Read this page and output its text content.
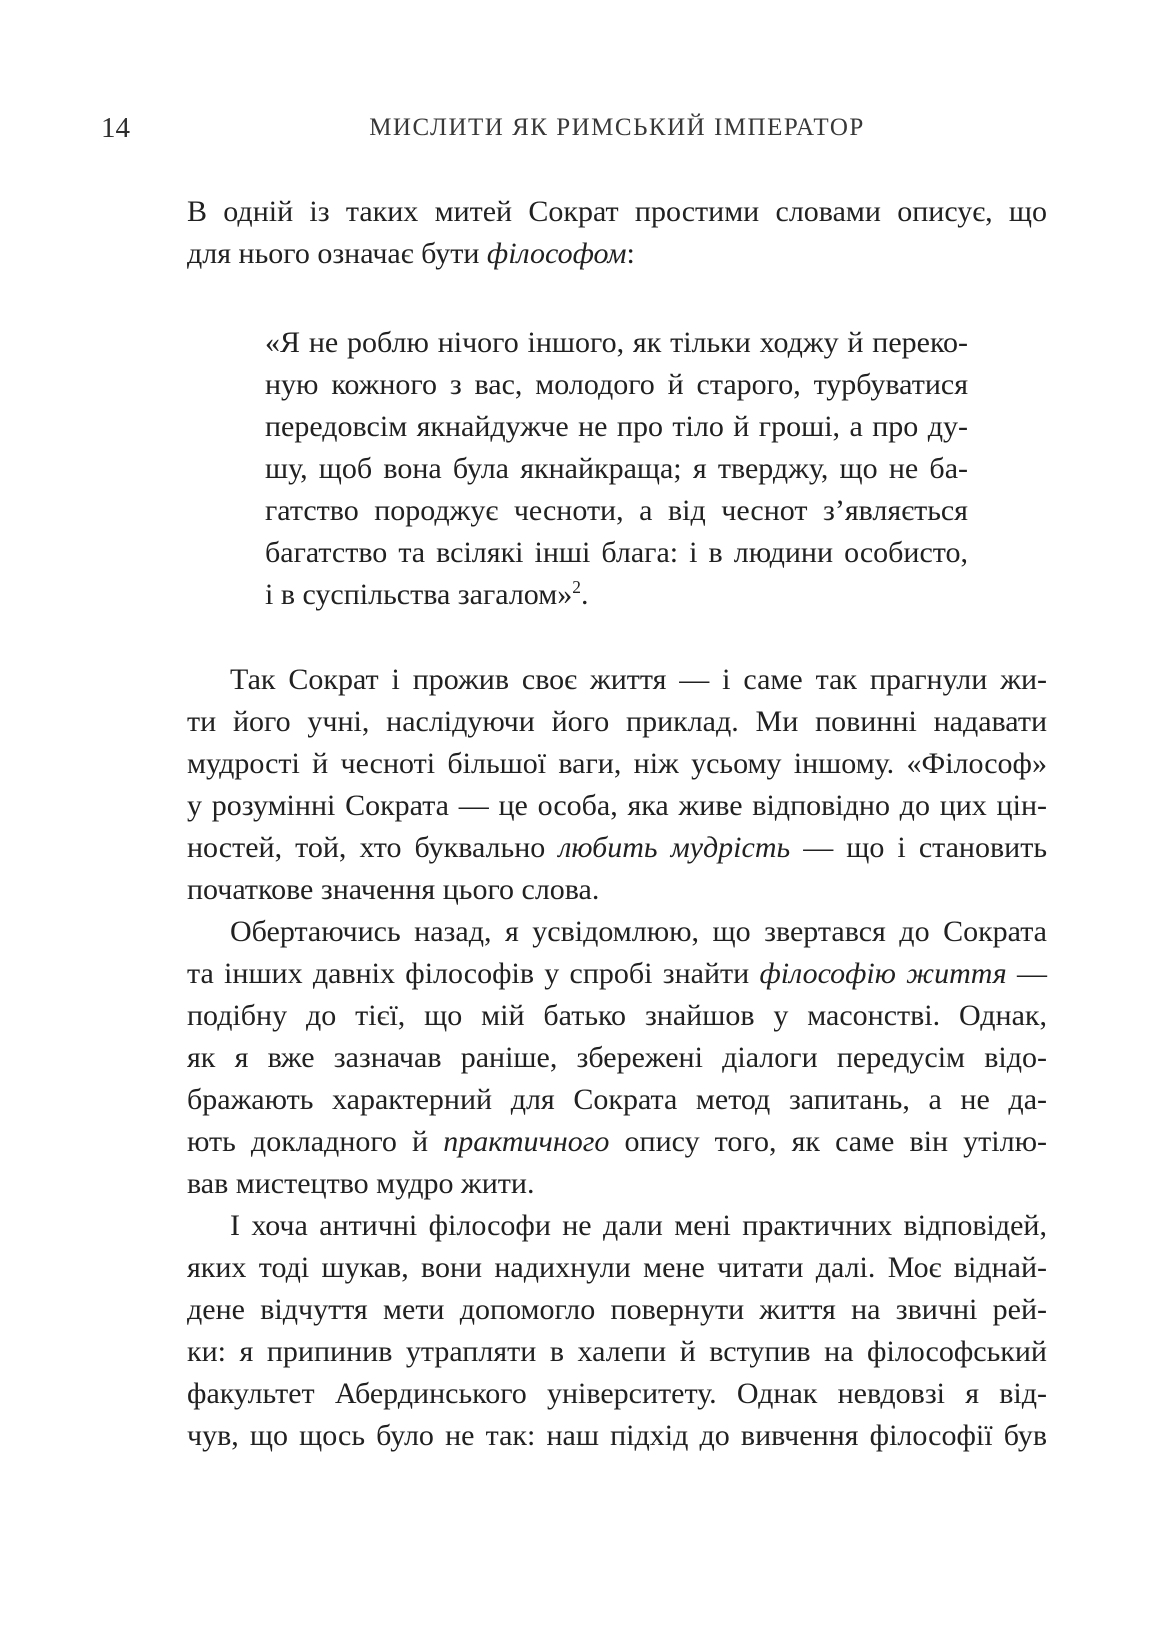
14	МИСЛИТИ ЯК РИМСЬКИЙ ІМПЕРАТОР
В одній із таких митей Сократ простими словами описує, що
для нього означає бути філософом:
«Я не роблю нічого іншого, як тільки ходжу й переко-
ную кожного з вас, молодого й старого, турбуватися
передовсім якнайдужче не про тіло й гроші, а про ду-
шу, щоб вона була якнайкраща; я тверджу, що не ба-
гатство породжує чесноти, а від чеснот з’являється
багатство та всілякі інші блага: і в людини особисто,
і в суспільства загалом»$^2$.
Так Сократ і прожив своє життя — і саме так прагнули жи-
ти його учні, наслідуючи його приклад. Ми повинні надавати
мудрості й чесноті більшої ваги, ніж усьому іншому. «Філософ»
у розумінні Сократа — це особа, яка живе відповідно до цих цін-
ностей, той, хто буквально любить мудрість — що і становить
початкове значення цього слова.
Обертаючись назад, я усвідомлюю, що звертався до Сократа
та інших давніх філософів у спробі знайти філософію життя —
подібну до тієї, що мій батько знайшов у масонстві. Однак,
як я вже зазначав раніше, збережені діалоги передусім відо-
бражають характерний для Сократа метод запитань, а не да-
ють докладного й практичного опису того, як саме він утілю-
вав мистецтво мудро жити.
І хоча античні філософи не дали мені практичних відповідей,
яких тоді шукав, вони надихнули мене читати далі. Моє віднай-
дене відчуття мети допомогло повернути життя на звичні рей-
ки: я припинив утрапляти в халепи й вступив на філософський
факультет Абердинського університету. Однак невдовзі я від-
чув, що щось було не так: наш підхід до вивчення філософії був
